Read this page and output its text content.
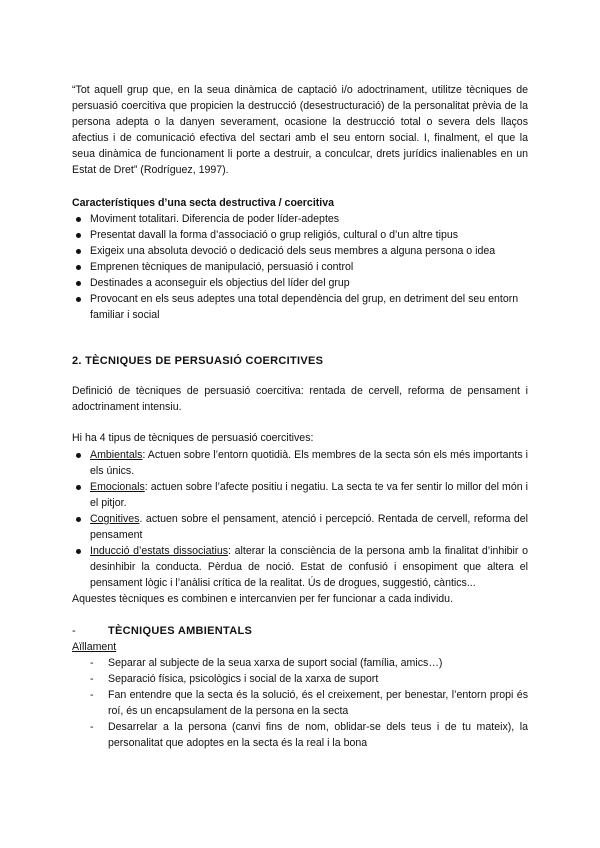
“Tot aquell grup que, en la seua dinàmica de captació i/o adoctrinament, utilitze tècniques de persuasió coercitiva que propicien la destrucció (desestructuració) de la personalitat prèvia de la persona adepta o la danyen severament, ocasione la destrucció total o severa dels llaços afectius i de comunicació efectiva del sectari amb el seu entorn social. I, finalment, el que la seua dinàmica de funcionament li porte a destruir, a conculcar, drets jurídics inalienables en un Estat de Dret” (Rodríguez, 1997).

Característiques d’una secta destructiva / coercitiva

Moviment totalitari. Diferencia de poder líder-adeptes
Presentat davall la forma d’associació o grup religiós, cultural o d’un altre tipus
Exigeix una absoluta devoció o dedicació dels seus membres a alguna persona o idea
Emprenen tècniques de manipulació, persuasió i control
Destinades a aconseguir els objectius del líder del grup
Provocant en els seus adeptes una total dependència del grup, en detriment del seu entorn familiar i social

2. TÈCNIQUES DE PERSUASIÓ COERCITIVES

Definició de tècniques de persuasió coercitiva: rentada de cervell, reforma de pensament i adoctrinament intensiu.

Hi ha 4 tipus de tècniques de persuasió coercitives:

Ambientals: Actuen sobre l’entorn quotidià. Els membres de la secta són els més importants i els únics.
Emocionals: actuen sobre l’afecte positiu i negatiu. La secta te va fer sentir lo millor del món i el pitjor.
Cognitives. actuen sobre el pensament, atenció i percepció. Rentada de cervell, reforma del pensament
Inducció d’estats dissociatius: alterar la consciència de la persona amb la finalitat d’inhibir o desinhibir la conducta. Pèrdua de noció. Estat de confusió i ensopiment que altera el pensament lògic i l’anàlisi crítica de la realitat. Ús de drogues, suggestió, càntics...

Aquestes tècniques es combinen e intercanvien per fer funcionar a cada individu.

-	TÈCNIQUES AMBIENTALS

Aïllament

- Separar al subjecte de la seua xarxa de suport social (família, amics…)
- Separació física, psicològics i social de la xarxa de suport
- Fan entendre que la secta és la solució, és el creixement, per benestar, l’entorn propi és roí, és un encapsulament de la persona en la secta
- Desarrelar a la persona (canvi fins de nom, oblidar-se dels teus i de tu mateix), la personalitat que adoptes en la secta és la real i la bona
